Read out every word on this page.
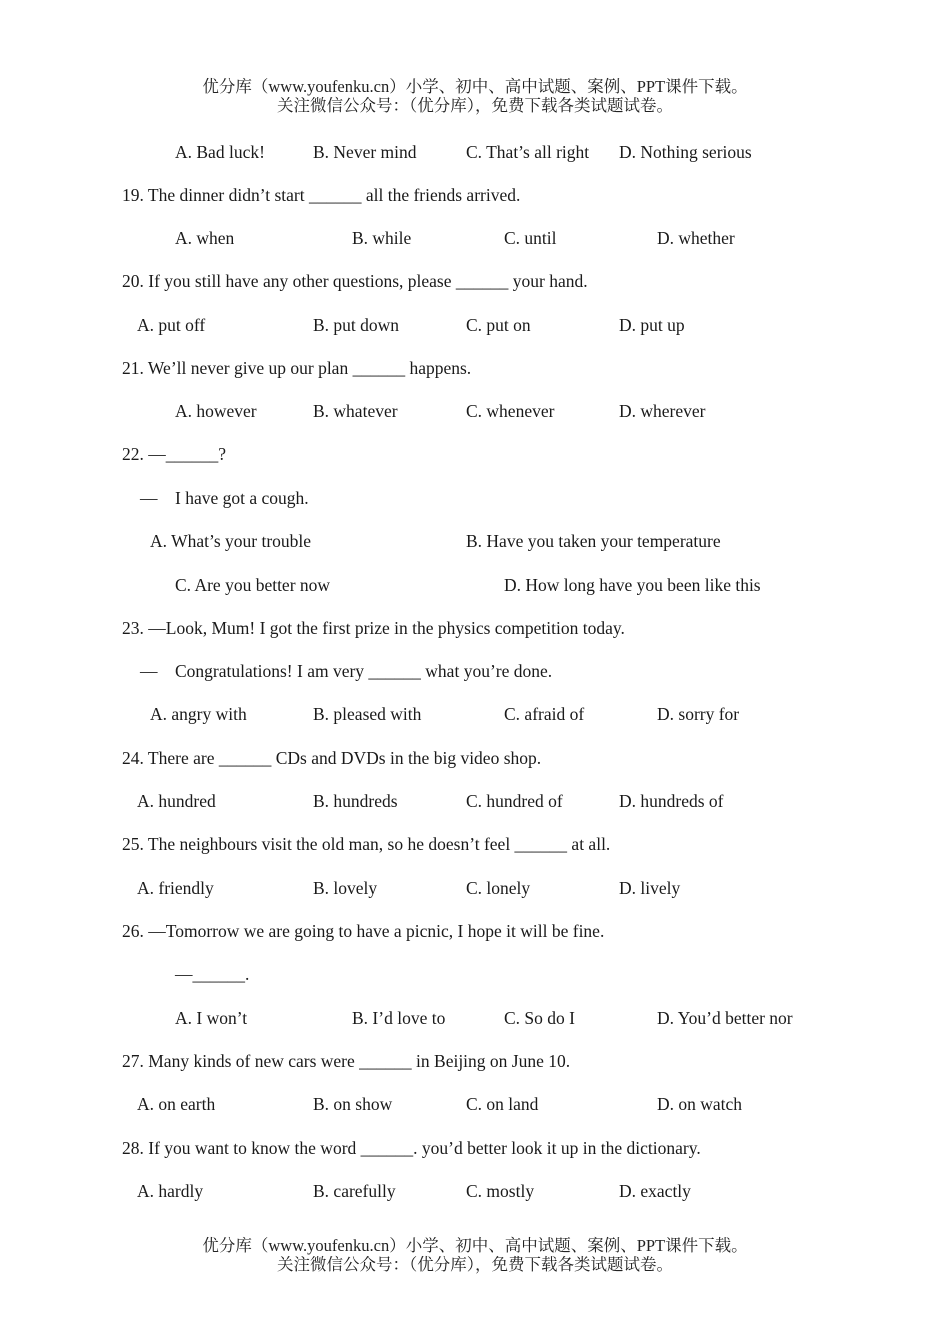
优分库（www.youfenku.cn）小学、初中、高中试题、案例、PPT课件下载。
关注微信公众号：（优分库），免费下载各类试题试卷。
A. Bad luck!	B. Never mind	C. That’s all right D. Nothing serious
19. The dinner didn’t start ______ all the friends arrived.
A. when	B. while	C. until	D. whether
20. If you still have any other questions, please ______ your hand.
A. put off	B. put down	C. put on	D. put up
21. We’ll never give up our plan ______ happens.
A. however	B. whatever	C. whenever	D. wherever
22. —______?
— I have got a cough.
A. What’s your trouble	B. Have you taken your temperature
C. Are you better now	D. How long have you been like this
23. —Look, Mum! I got the first prize in the physics competition today.
— Congratulations! I am very ______ what you’re done.
A. angry with	B. pleased with	C. afraid of	D. sorry for
24. There are ______ CDs and DVDs in the big video shop.
A. hundred	B. hundreds	C. hundred of	D. hundreds of
25. The neighbours visit the old man, so he doesn’t feel ______ at all.
A. friendly	B. lovely	C. lonely	D. lively
26. —Tomorrow we are going to have a picnic, I hope it will be fine.
—______.
A. I won’t	B. I’d love to	C. So do I	D. You’d better nor
27. Many kinds of new cars were ______ in Beijing on June 10.
A. on earth	B. on show	C. on land	D. on watch
28. If you want to know the word ______. you’d better look it up in the dictionary.
A. hardly	B. carefully	C. mostly	D. exactly
优分库（www.youfenku.cn）小学、初中、高中试题、案例、PPT课件下载。
关注微信公众号：（优分库），免费下载各类试题试卷。
